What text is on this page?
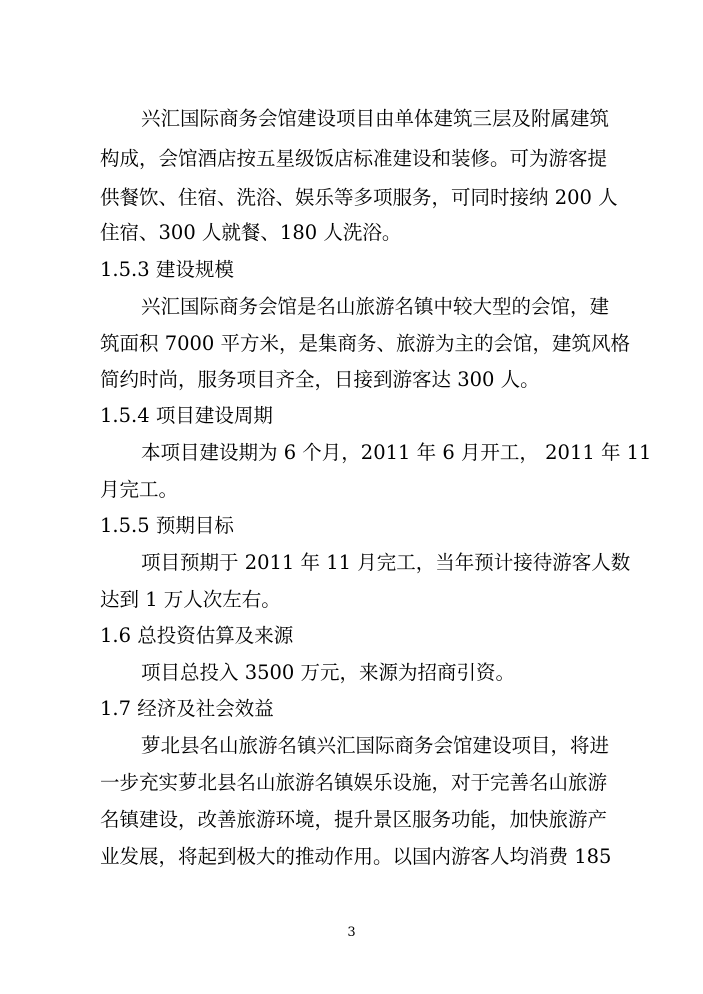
兴汇国际商务会馆建设项目由单体建筑三层及附属建筑
构成，会馆酒店按五星级饭店标准建设和装修。可为游客提
供餐饮、住宿、洗浴、娱乐等多项服务，可同时接纳 200 人
住宿、300 人就餐、180 人洗浴。
1.5.3 建设规模
兴汇国际商务会馆是名山旅游名镇中较大型的会馆，建
筑面积 7000 平方米，是集商务、旅游为主的会馆，建筑风格
简约时尚，服务项目齐全，日接到游客达 300 人。
1.5.4 项目建设周期
本项目建设期为 6 个月，2011 年 6 月开工， 2011 年 11
月完工。
1.5.5 预期目标
项目预期于 2011 年 11 月完工，当年预计接待游客人数
达到 1 万人次左右。
1.6 总投资估算及来源
项目总投入 3500 万元，来源为招商引资。
1.7 经济及社会效益
萝北县名山旅游名镇兴汇国际商务会馆建设项目，将进
一步充实萝北县名山旅游名镇娱乐设施，对于完善名山旅游
名镇建设，改善旅游环境，提升景区服务功能，加快旅游产
业发展，将起到极大的推动作用。以国内游客人均消费 185
3
